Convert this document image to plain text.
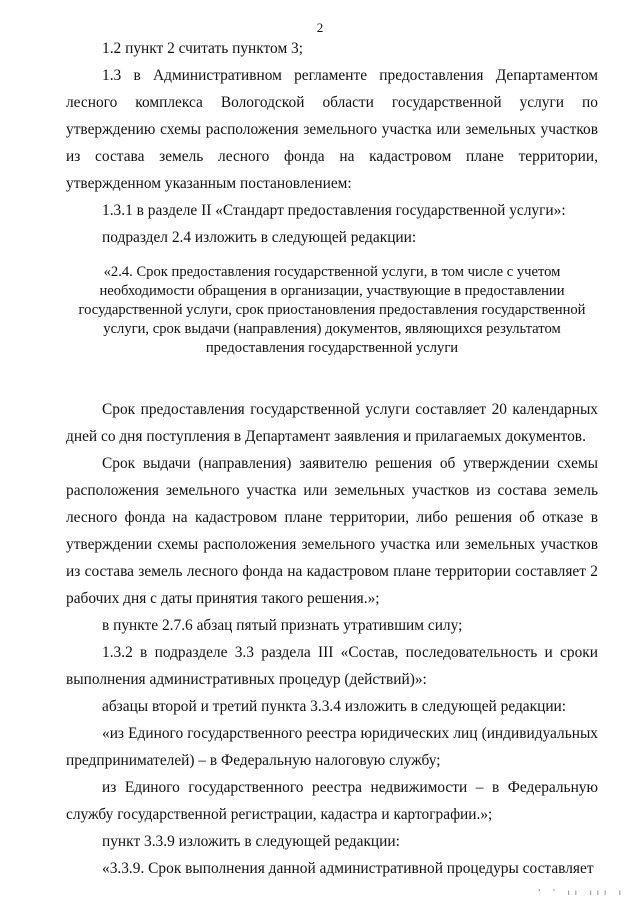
2

1.2 пункт 2 считать пунктом 3;

1.3 в Административном регламенте предоставления Департаментом лесного комплекса Вологодской области государственной услуги по утверждению схемы расположения земельного участка или земельных участков из состава земель лесного фонда на кадастровом плане территории, утвержденном указанным постановлением:

1.3.1 в разделе II «Стандарт предоставления государственной услуги»:

подраздел 2.4 изложить в следующей редакции:

«2.4. Срок предоставления государственной услуги, в том числе с учетом
необходимости обращения в организации, участвующие в предоставлении
государственной услуги, срок приостановления предоставления государственной
услуги, срок выдачи (направления) документов, являющихся результатом
предоставления государственной услуги

Срок предоставления государственной услуги составляет 20 календарных дней со дня поступления в Департамент заявления и прилагаемых документов.

Срок выдачи (направления) заявителю решения об утверждении схемы расположения земельного участка или земельных участков из состава земель лесного фонда на кадастровом плане территории, либо решения об отказе в утверждении схемы расположения земельного участка или земельных участков из состава земель лесного фонда на кадастровом плане территории составляет 2 рабочих дня с даты принятия такого решения.»;

в пункте 2.7.6 абзац пятый признать утратившим силу;

1.3.2 в подразделе 3.3 раздела III «Состав, последовательность и сроки выполнения административных процедур (действий)»:

абзацы второй и третий пункта 3.3.4 изложить в следующей редакции:

«из Единого государственного реестра юридических лиц (индивидуальных предпринимателей) – в Федеральную налоговую службу;

из Единого государственного реестра недвижимости – в Федеральную службу государственной регистрации, кадастра и картографии.»;

пункт 3.3.9 изложить в следующей редакции:

«3.3.9. Срок выполнения данной административной процедуры составляет

' ' ıı ııı ı
